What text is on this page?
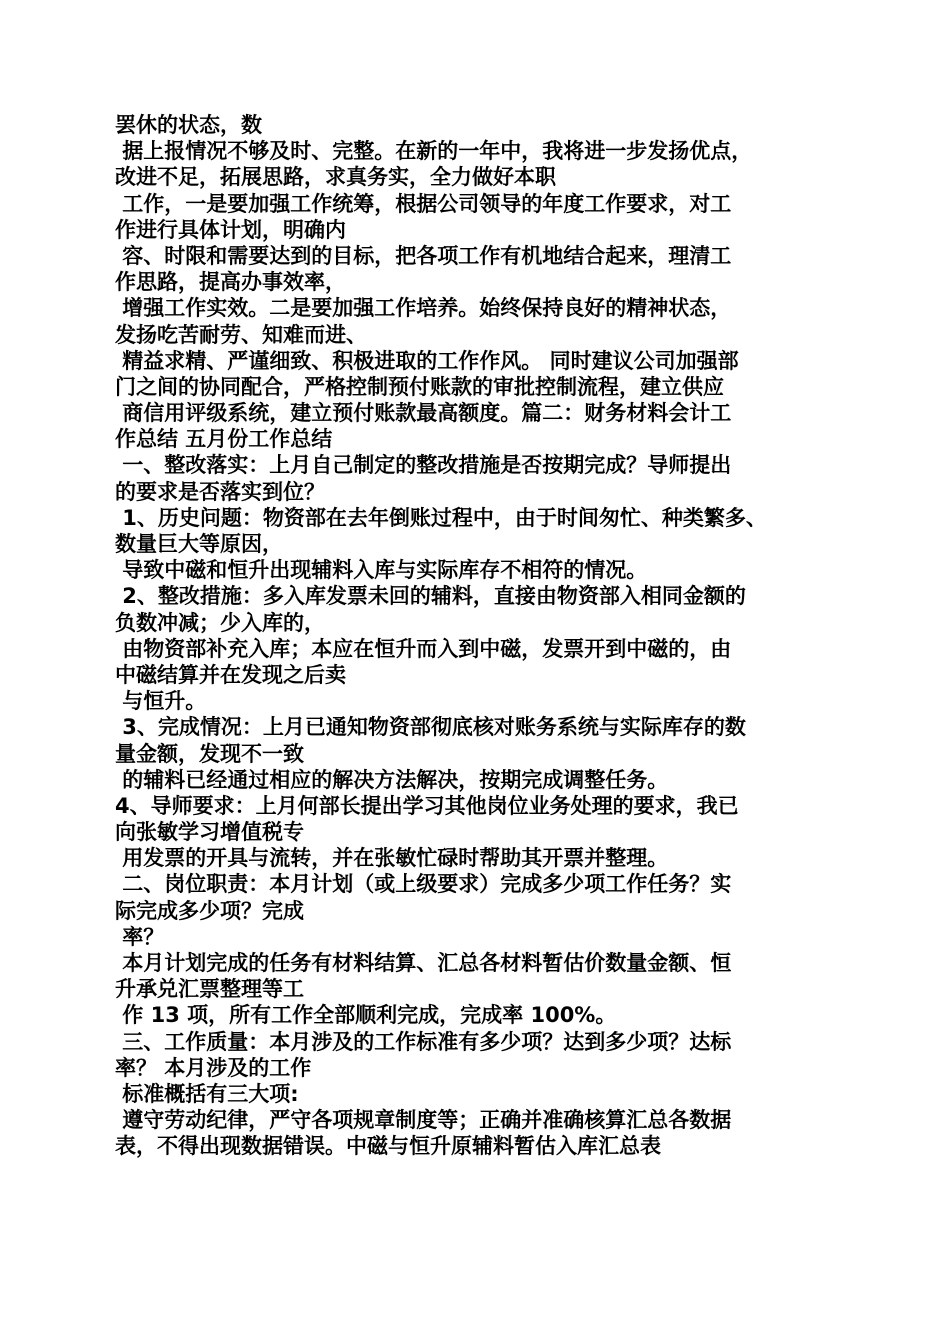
罢休的状态，数
据上报情况不够及时、完整。在新的一年中，我将进一步发扬优点，
改进不足，拓展思路，求真务实，全力做好本职
工作，一是要加强工作统筹，根据公司领导的年度工作要求，对工
作进行具体计划，明确内
容、时限和需要达到的目标，把各项工作有机地结合起来，理清工
作思路，提高办事效率，
增强工作实效。二是要加强工作培养。始终保持良好的精神状态，
发扬吃苦耐劳、知难而进、
精益求精、严谨细致、积极进取的工作作风。 同时建议公司加强部
门之间的协同配合，严格控制预付账款的审批控制流程，建立供应
商信用评级系统，建立预付账款最高额度。篇二：财务材料会计工
作总结 五月份工作总结
一、整改落实：上月自己制定的整改措施是否按期完成？导师提出
的要求是否落实到位？
1、历史问题：物资部在去年倒账过程中，由于时间匆忙、种类繁多、
数量巨大等原因，
导致中磁和恒升出现辅料入库与实际库存不相符的情况。
2、整改措施：多入库发票未回的辅料，直接由物资部入相同金额的
负数冲减；少入库的，
由物资部补充入库；本应在恒升而入到中磁，发票开到中磁的，由
中磁结算并在发现之后卖
与恒升。
3、完成情况：上月已通知物资部彻底核对账务系统与实际库存的数
量金额，发现不一致
的辅料已经通过相应的解决方法解决，按期完成调整任务。
4、导师要求：上月何部长提出学习其他岗位业务处理的要求，我已
向张敏学习增值税专
用发票的开具与流转，并在张敏忙碌时帮助其开票并整理。
二、岗位职责：本月计划（或上级要求）完成多少项工作任务？实
际完成多少项？完成
率？
本月计划完成的任务有材料结算、汇总各材料暂估价数量金额、恒
升承兑汇票整理等工
作 13 项，所有工作全部顺利完成，完成率 100%。
三、工作质量：本月涉及的工作标准有多少项？达到多少项？达标
率？ 本月涉及的工作
标准概括有三大项:
遵守劳动纪律，严守各项规章制度等；正确并准确核算汇总各数据
表，不得出现数据错误。中磁与恒升原辅料暂估入库汇总表
